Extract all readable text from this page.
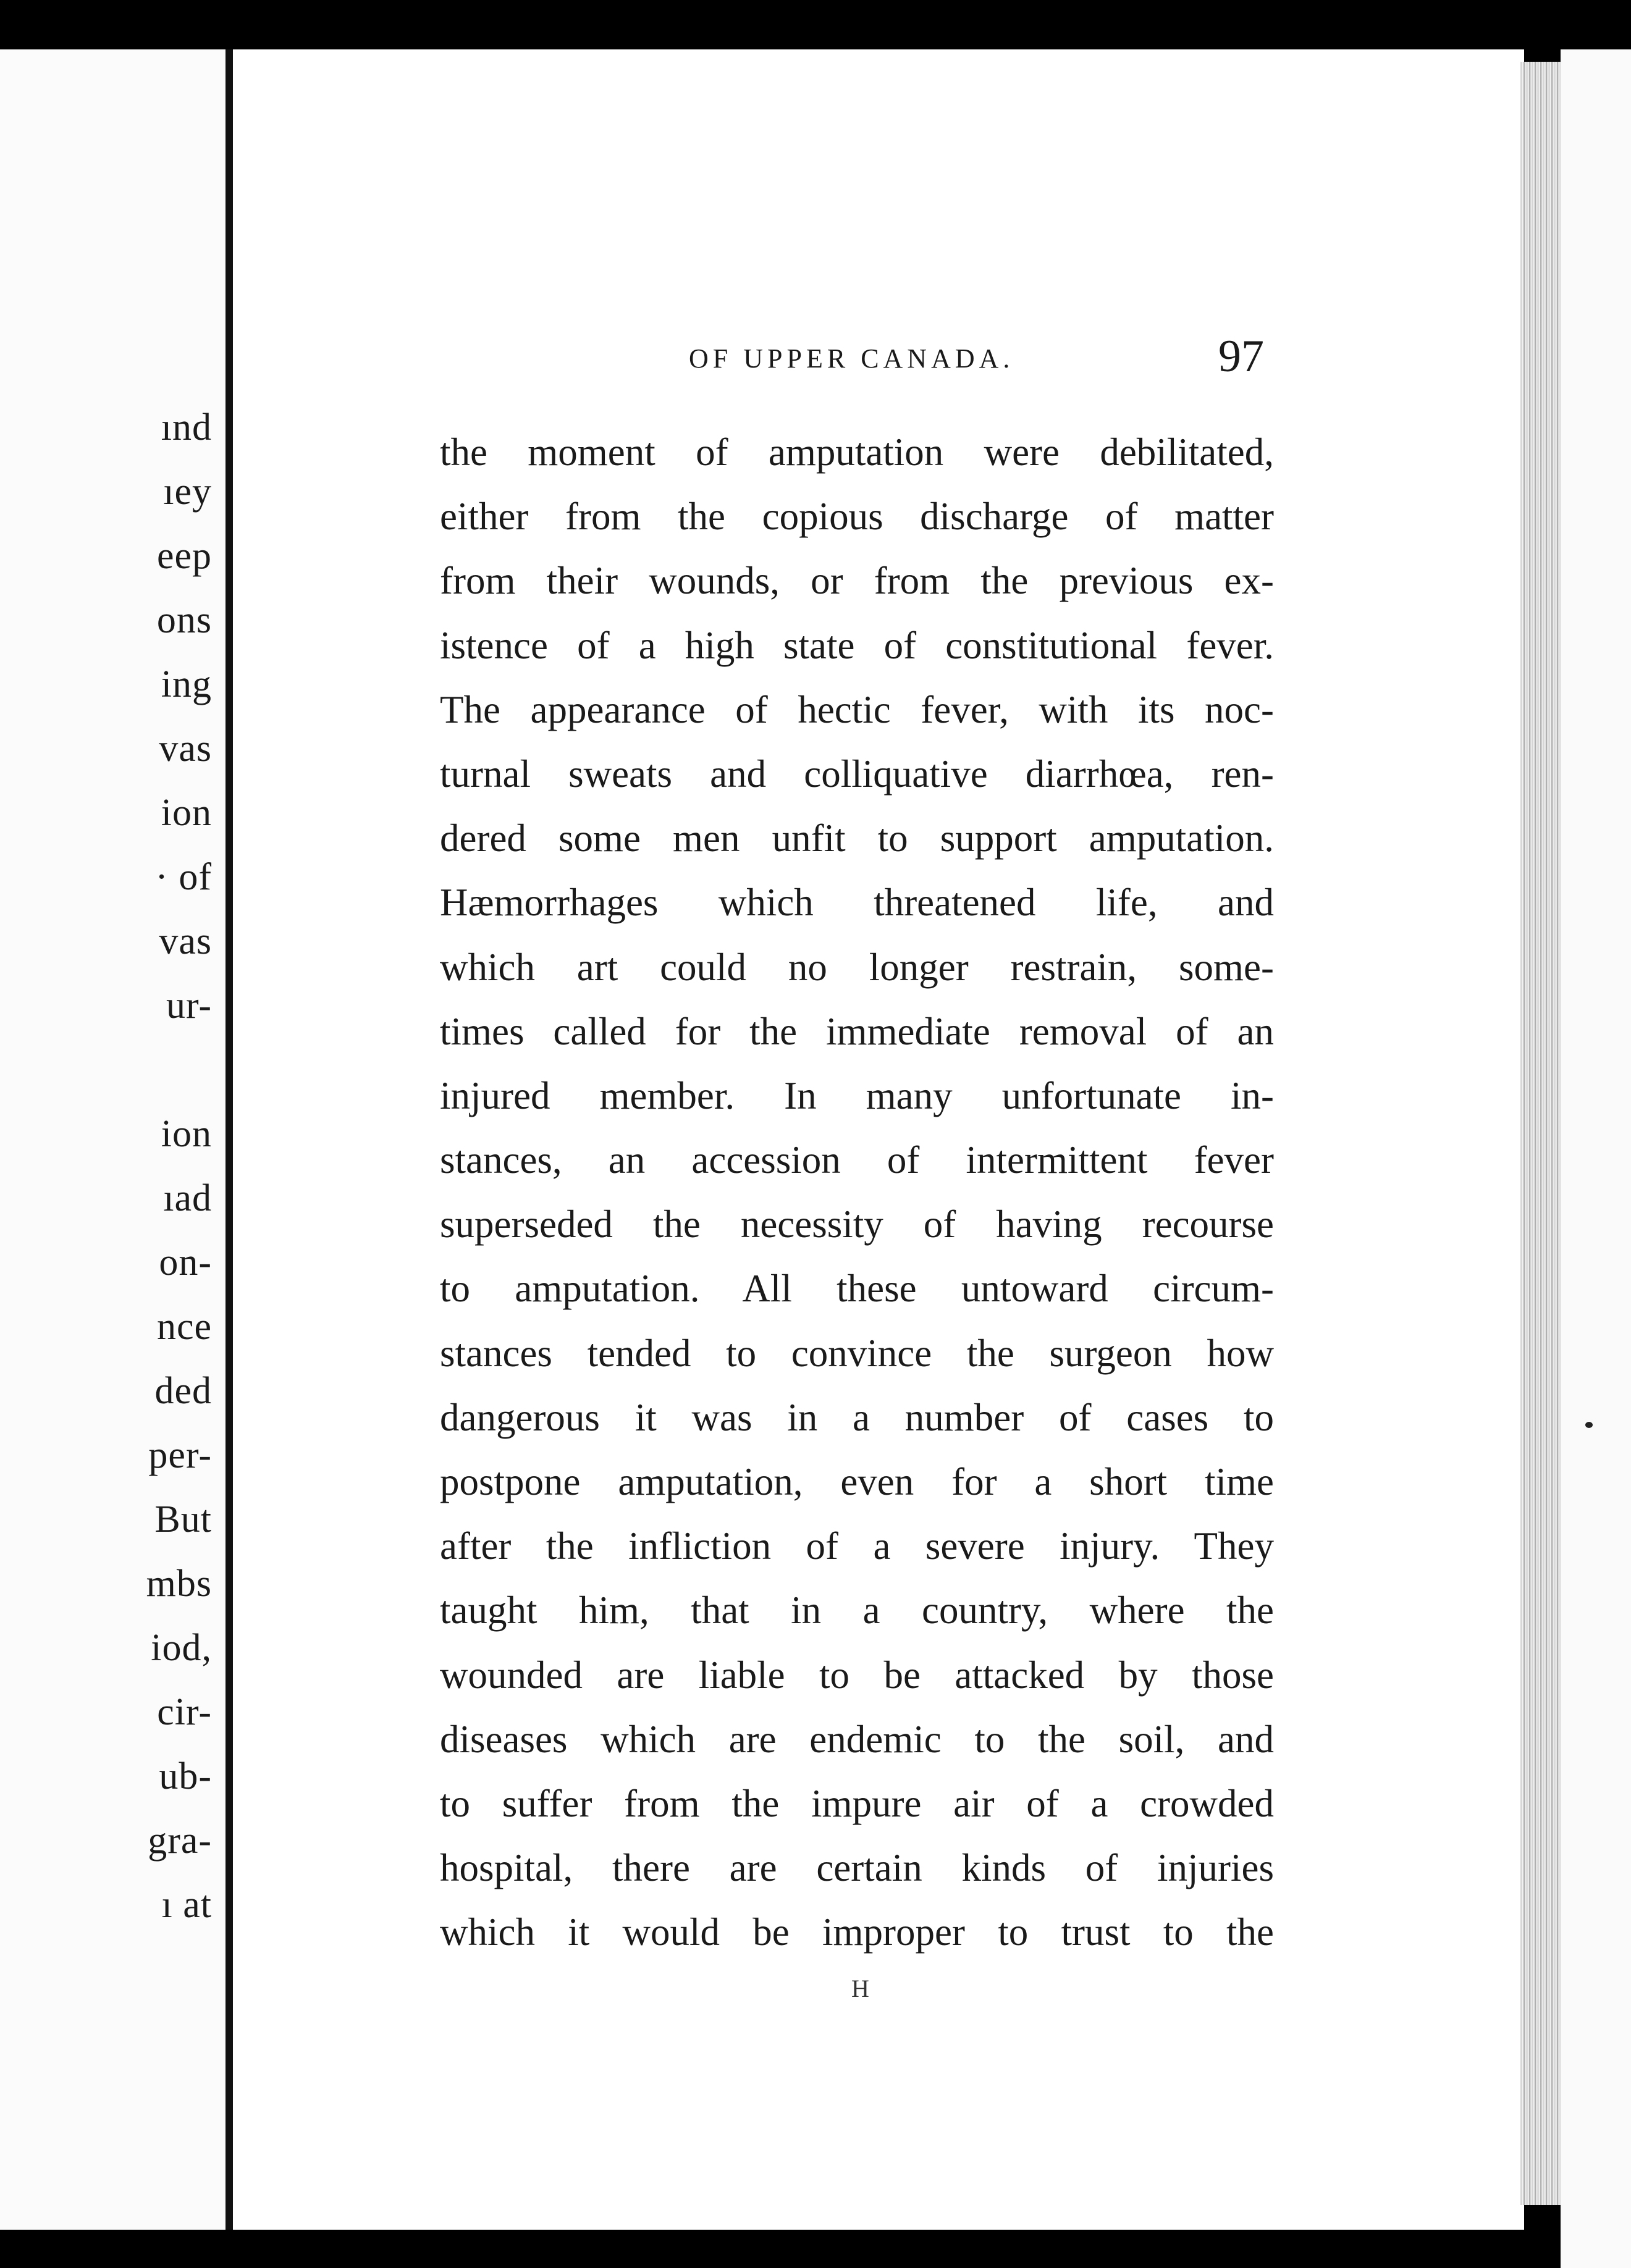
ınd
ıey
eep
ons
ing
vas
ion
· of
vas
ur-
ion
ıad
on-
nce
ded
per-
But
mbs
iod,
cir-
ub-
gra-
ı at
OF UPPER CANADA.	97
the moment of amputation were debilitated,
either from the copious discharge of matter
from their wounds, or from the previous ex-
istence of a high state of constitutional fever.
The appearance of hectic fever, with its noc-
turnal sweats and colliquative diarrhœa, ren-
dered some men unfit to support amputation.
Hæmorrhages which threatened life, and
which art could no longer restrain, some-
times called for the immediate removal of an
injured member. In many unfortunate in-
stances, an accession of intermittent fever
superseded the necessity of having recourse
to amputation. All these untoward circum-
stances tended to convince the surgeon how
dangerous it was in a number of cases to
postpone amputation, even for a short time
after the infliction of a severe injury. They
taught him, that in a country, where the
wounded are liable to be attacked by those
diseases which are endemic to the soil, and
to suffer from the impure air of a crowded
hospital, there are certain kinds of injuries
which it would be improper to trust to the
H
